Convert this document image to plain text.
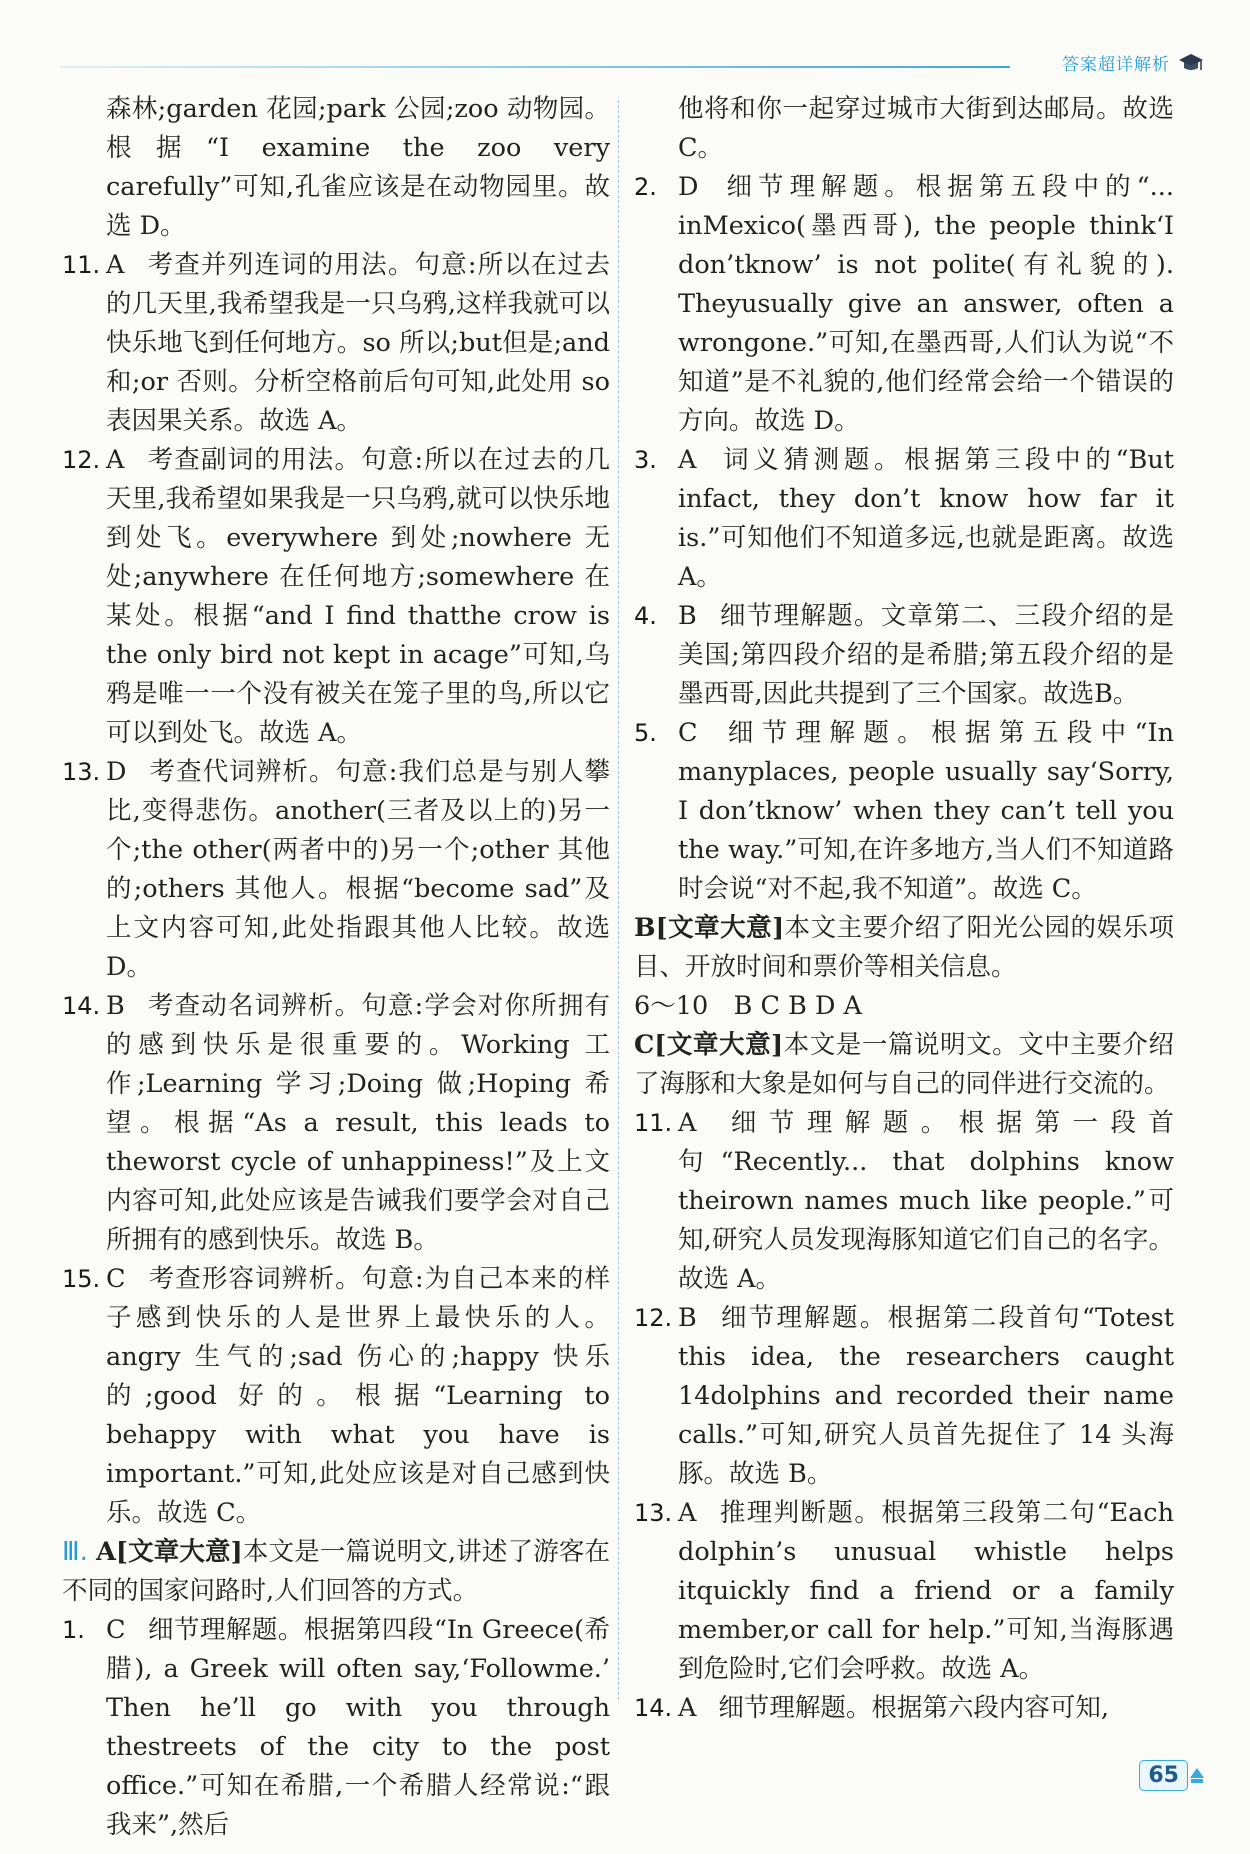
答案超详解析
森林;garden 花园;park 公园;zoo 动物园。根据“I examine the zoo very carefully”可知,孔雀应该是在动物园里。故选 D。
11. A 考查并列连词的用法。句意:所以在过去的几天里,我希望我是一只乌鸦,这样我就可以快乐地飞到任何地方。so 所以;but但是;and 和;or 否则。分析空格前后句可知,此处用 so 表因果关系。故选 A。
12. A 考查副词的用法。句意:所以在过去的几天里,我希望如果我是一只乌鸦,就可以快乐地到处飞。everywhere 到处;nowhere 无处;anywhere 在任何地方;somewhere 在某处。根据“and I find thatthe crow is the only bird not kept in acage”可知,乌鸦是唯一一个没有被关在笼子里的鸟,所以它可以到处飞。故选 A。
13. D 考查代词辨析。句意:我们总是与别人攀比,变得悲伤。another(三者及以上的)另一个;the other(两者中的)另一个;other 其他的;others 其他人。根据“become sad”及上文内容可知,此处指跟其他人比较。故选 D。
14. B 考查动名词辨析。句意:学会对你所拥有的感到快乐是很重要的。Working 工作;Learning 学习;Doing 做;Hoping 希望。根据“As a result, this leads to theworst cycle of unhappiness!”及上文内容可知,此处应该是告诫我们要学会对自己所拥有的感到快乐。故选 B。
15. C 考查形容词辨析。句意:为自己本来的样子感到快乐的人是世界上最快乐的人。angry 生气的;sad 伤心的;happy 快乐的;good 好的。根据“Learning to behappy with what you have is important.”可知,此处应该是对自己感到快乐。故选 C。
Ⅲ. A[文章大意]本文是一篇说明文,讲述了游客在不同的国家问路时,人们回答的方式。
1. C 细节理解题。根据第四段“In Greece(希腊), a Greek will often say,‘Followme.’ Then he’ll go with you through thestreets of the city to the post office.”可知在希腊,一个希腊人经常说:“跟我来”,然后
他将和你一起穿过城市大街到达邮局。故选 C。
2. D 细节理解题。根据第五段中的“... inMexico(墨西哥), the people think‘I don’tknow’ is not polite(有礼貌的). Theyusually give an answer, often a wrongone.”可知,在墨西哥,人们认为说“不知道”是不礼貌的,他们经常会给一个错误的方向。故选 D。
3. A 词义猜测题。根据第三段中的“But infact, they don’t know how far it is.”可知他们不知道多远,也就是距离。故选 A。
4. B 细节理解题。文章第二、三段介绍的是美国;第四段介绍的是希腊;第五段介绍的是墨西哥,因此共提到了三个国家。故选B。
5. C 细节理解题。根据第五段中“In manyplaces, people usually say‘Sorry, I don’tknow’ when they can’t tell you the way.”可知,在许多地方,当人们不知道路时会说“对不起,我不知道”。故选 C。
B[文章大意]本文主要介绍了阳光公园的娱乐项目、开放时间和票价等相关信息。
6～10　B C B D A
C[文章大意]本文是一篇说明文。文中主要介绍了海豚和大象是如何与自己的同伴进行交流的。
11. A 细节理解题。根据第一段首句“Recently... that dolphins know theirown names much like people.”可知,研究人员发现海豚知道它们自己的名字。故选 A。
12. B 细节理解题。根据第二段首句“Totest this idea, the researchers caught 14dolphins and recorded their name calls.”可知,研究人员首先捉住了 14 头海豚。故选 B。
13. A 推理判断题。根据第三段第二句“Each dolphin’s unusual whistle helps itquickly find a friend or a family member,or call for help.”可知,当海豚遇到危险时,它们会呼救。故选 A。
14. A 细节理解题。根据第六段内容可知,
65
